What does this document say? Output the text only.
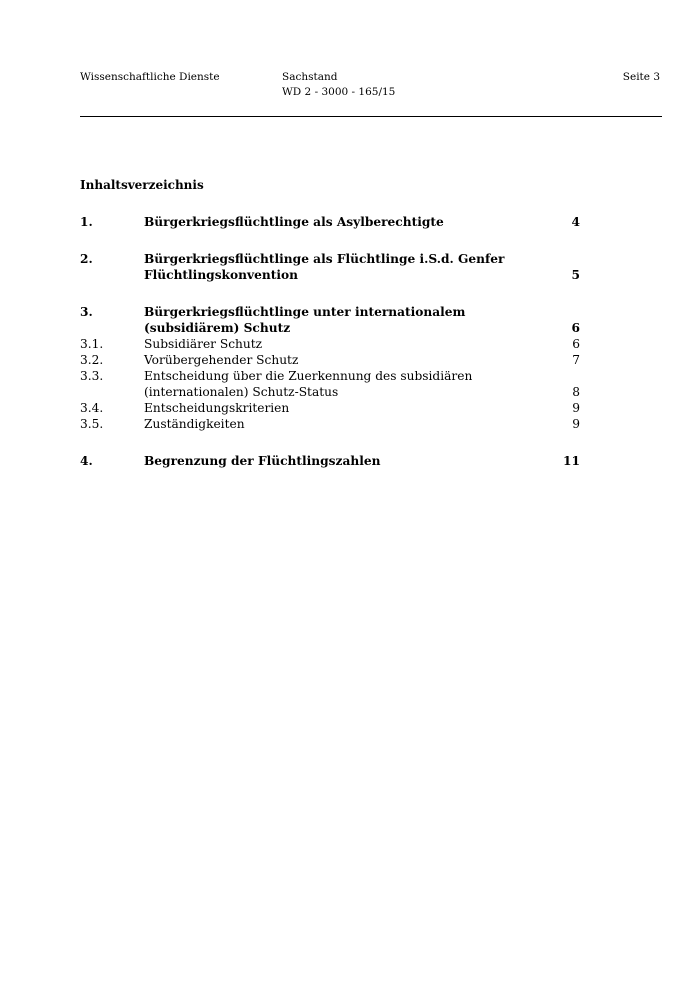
Wissenschaftliche Dienste	Sachstand
WD 2 - 3000 - 165/15
Seite 3
Inhaltsverzeichnis
1.	Bürgerkriegsflüchtlinge als Asylberechtigte	4
2.	Bürgerkriegsflüchtlinge als Flüchtlinge i.S.d. Genfer
Flüchtlingskonvention	5
3.	Bürgerkriegsflüchtlinge unter internationalem
(subsidiärem) Schutz	6
3.1.	Subsidiärer Schutz	6
3.2.	Vorübergehender Schutz	7
3.3.	Entscheidung über die Zuerkennung des subsidiären
(internationalen) Schutz-Status	8
3.4.	Entscheidungskriterien	9
3.5.	Zuständigkeiten	9
4.	Begrenzung der Flüchtlingszahlen	11
